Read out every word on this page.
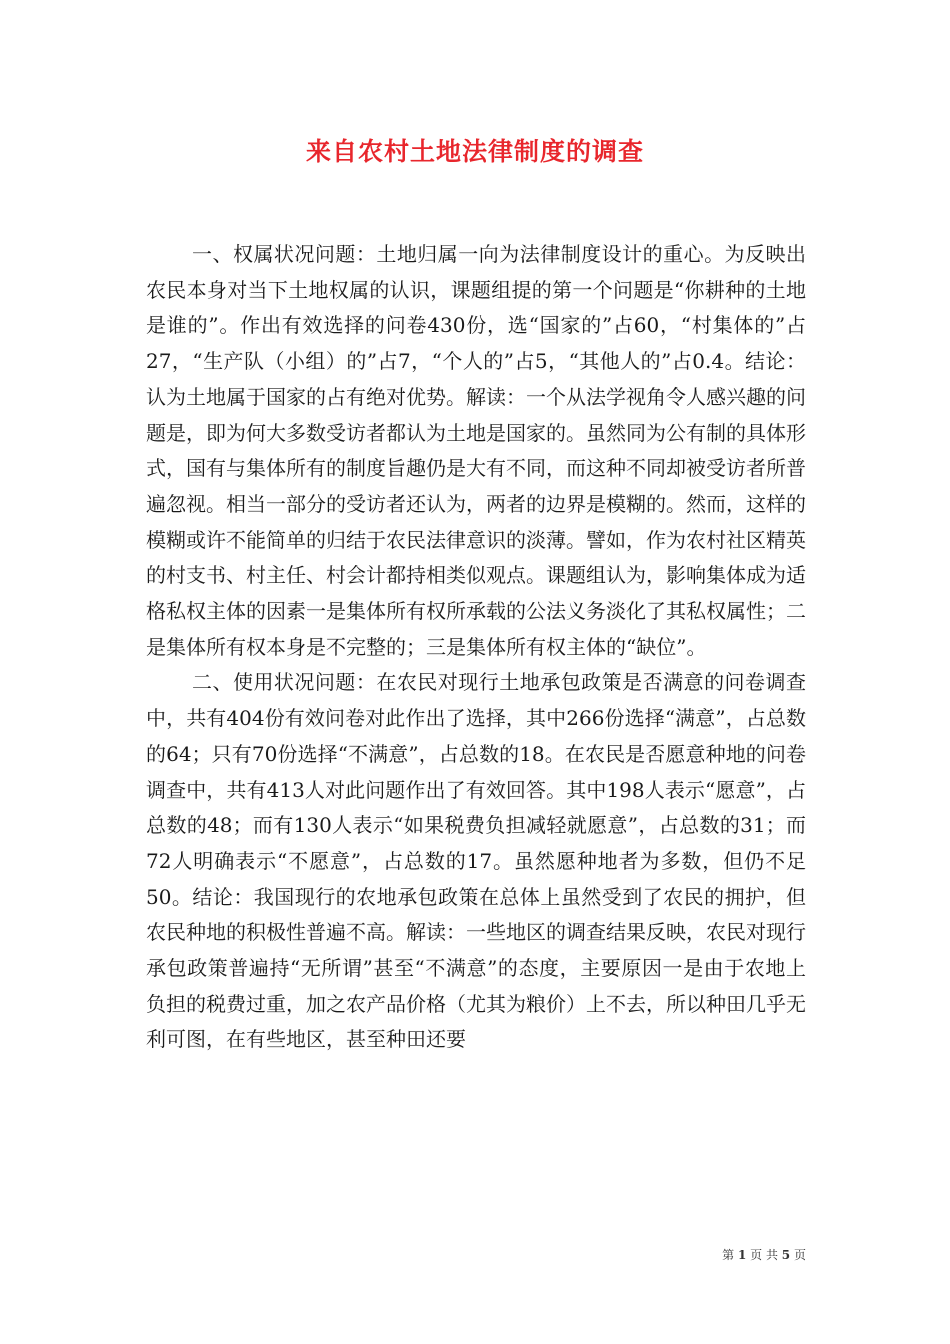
来自农村土地法律制度的调查

一、权属状况问题：土地归属一向为法律制度设计的重心。为反映出农民本身对当下土地权属的认识，课题组提的第一个问题是“你耕种的土地是谁的”。作出有效选择的问卷430份，选“国家的”占60，“村集体的”占27，“生产队（小组）的”占7，“个人的”占5，“其他人的”占0.4。结论：认为土地属于国家的占有绝对优势。解读：一个从法学视角令人感兴趣的问题是，即为何大多数受访者都认为土地是国家的。虽然同为公有制的具体形式，国有与集体所有的制度旨趣仍是大有不同，而这种不同却被受访者所普遍忽视。相当一部分的受访者还认为，两者的边界是模糊的。然而，这样的模糊或许不能简单的归结于农民法律意识的淡薄。譬如，作为农村社区精英的村支书、村主任、村会计都持相类似观点。课题组认为，影响集体成为适格私权主体的因素一是集体所有权所承载的公法义务淡化了其私权属性；二是集体所有权本身是不完整的；三是集体所有权主体的“缺位”。

二、使用状况问题：在农民对现行土地承包政策是否满意的问卷调查中，共有404份有效问卷对此作出了选择，其中266份选择“满意”，占总数的64；只有70份选择“不满意”，占总数的18。在农民是否愿意种地的问卷调查中，共有413人对此问题作出了有效回答。其中198人表示“愿意”，占总数的48；而有130人表示“如果税费负担减轻就愿意”，占总数的31；而72人明确表示“不愿意”，占总数的17。虽然愿种地者为多数，但仍不足50。结论：我国现行的农地承包政策在总体上虽然受到了农民的拥护，但农民种地的积极性普遍不高。解读：一些地区的调查结果反映，农民对现行承包政策普遍持“无所谓”甚至“不满意”的态度，主要原因一是由于农地上负担的税费过重，加之农产品价格（尤其为粮价）上不去，所以种田几乎无利可图，在有些地区，甚至种田还要

第 1 页 共 5 页
